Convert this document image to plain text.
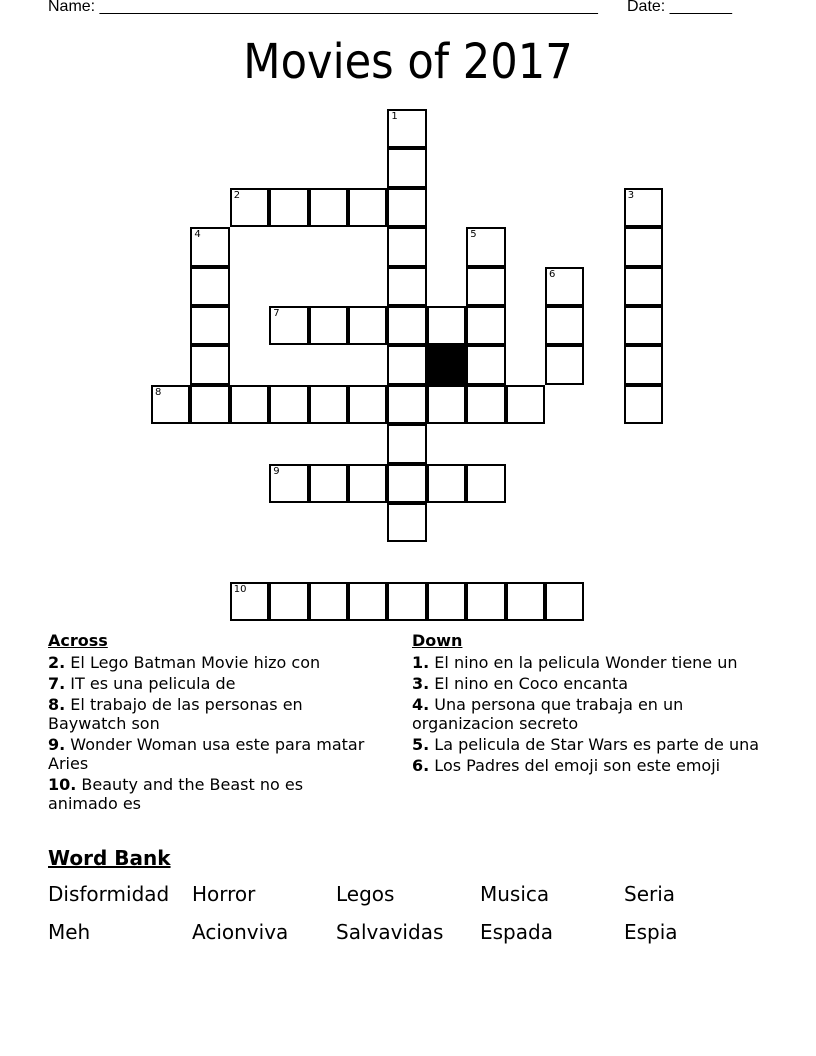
Name: ________________________________________________________ Date: _______
Movies of 2017
1
2	3
4	5
6
7
8
9
10
Across
2. El Lego Batman Movie hizo con
7. IT es una pelicula de
8. El trabajo de las personas en Baywatch son
9. Wonder Woman usa este para matar Aries
10. Beauty and the Beast no es animado es
Down
1. El nino en la pelicula Wonder tiene un
3. El nino en Coco encanta
4. Una persona que trabaja en un organizacion secreto
5. La pelicula de Star Wars es parte de una
6. Los Padres del emoji son este emoji
Word Bank
Disformidad	Horror	Legos	Musica	Seria
Meh	Acionviva	Salvavidas	Espada	Espia
